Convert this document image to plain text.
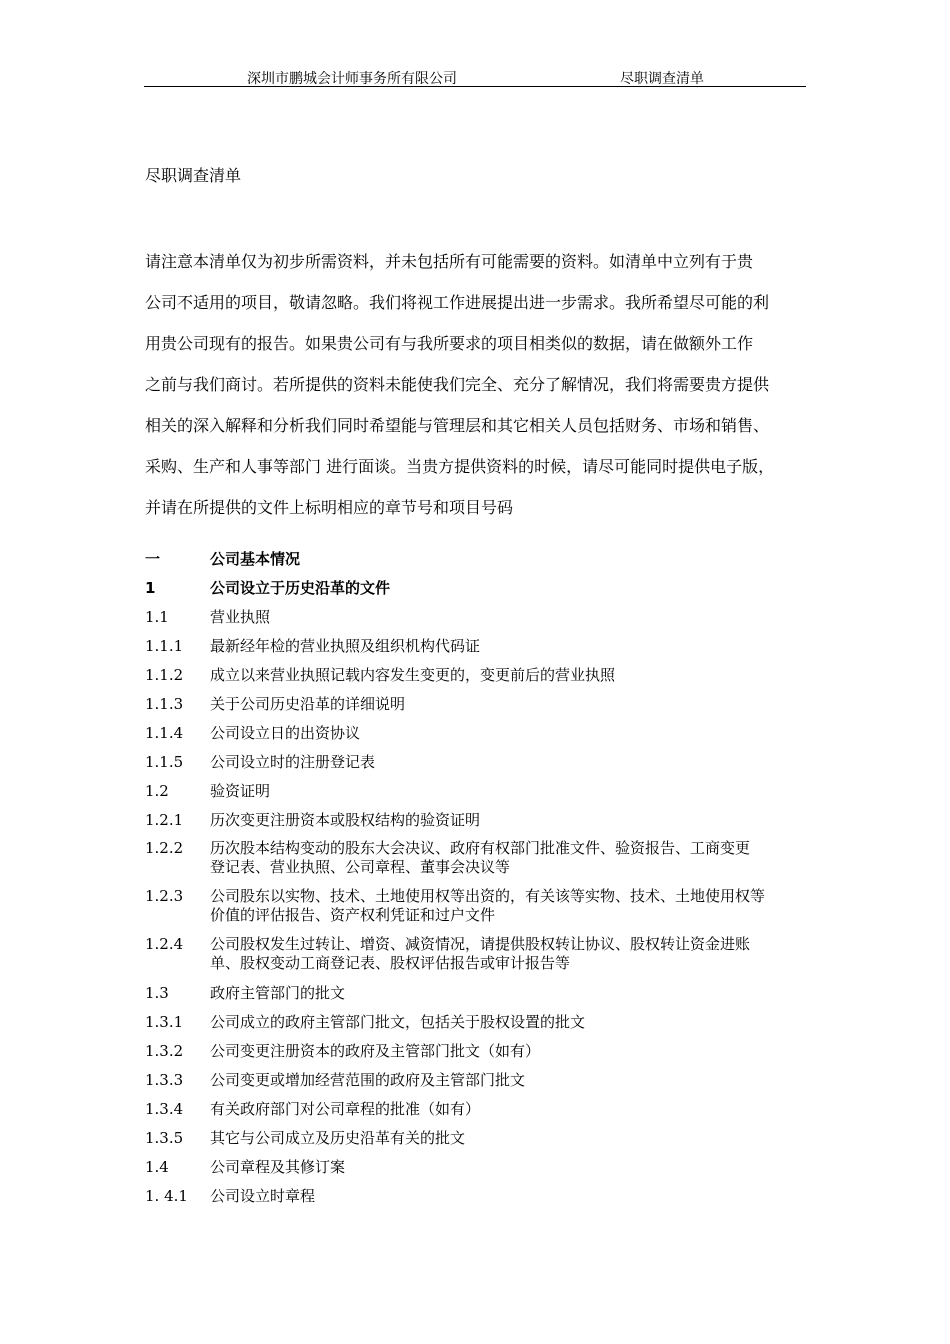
深圳市鹏城会计师事务所有限公司	尽职调查清单
尽职调查清单
请注意本清单仅为初步所需资料，并未包括所有可能需要的资料。如清单中立列有于贵
公司不适用的项目，敬请忽略。我们将视工作进展提出进一步需求。我所希望尽可能的利
用贵公司现有的报告。如果贵公司有与我所要求的项目相类似的数据，请在做额外工作
之前与我们商讨。若所提供的资料未能使我们完全、充分了解情况，我们将需要贵方提供
相关的深入解释和分析我们同时希望能与管理层和其它相关人员包括财务、市场和销售、
采购、生产和人事等部门 进行面谈。当贵方提供资料的时候，请尽可能同时提供电子版，
并请在所提供的文件上标明相应的章节号和项目号码
一	公司基本情况
1	公司设立于历史沿革的文件
1.1	营业执照
1.1.1	最新经年检的营业执照及组织机构代码证
1.1.2	成立以来营业执照记载内容发生变更的，变更前后的营业执照
1.1.3	关于公司历史沿革的详细说明
1.1.4	公司设立日的出资协议
1.1.5	公司设立时的注册登记表
1.2	验资证明
1.2.1	历次变更注册资本或股权结构的验资证明
1.2.2	历次股本结构变动的股东大会决议、政府有权部门批准文件、验资报告、工商变更
登记表、营业执照、公司章程、董事会决议等
1.2.3	公司股东以实物、技术、土地使用权等出资的，有关该等实物、技术、土地使用权等
价值的评估报告、资产权利凭证和过户文件
1.2.4	公司股权发生过转让、增资、减资情况，请提供股权转让协议、股权转让资金进账
单、股权变动工商登记表、股权评估报告或审计报告等
1.3	政府主管部门的批文
1.3.1	公司成立的政府主管部门批文，包括关于股权设置的批文
1.3.2	公司变更注册资本的政府及主管部门批文（如有）
1.3.3	公司变更或增加经营范围的政府及主管部门批文
1.3.4	有关政府部门对公司章程的批准（如有）
1.3.5	其它与公司成立及历史沿革有关的批文
1.4	公司章程及其修订案
1. 4.1	公司设立时章程
